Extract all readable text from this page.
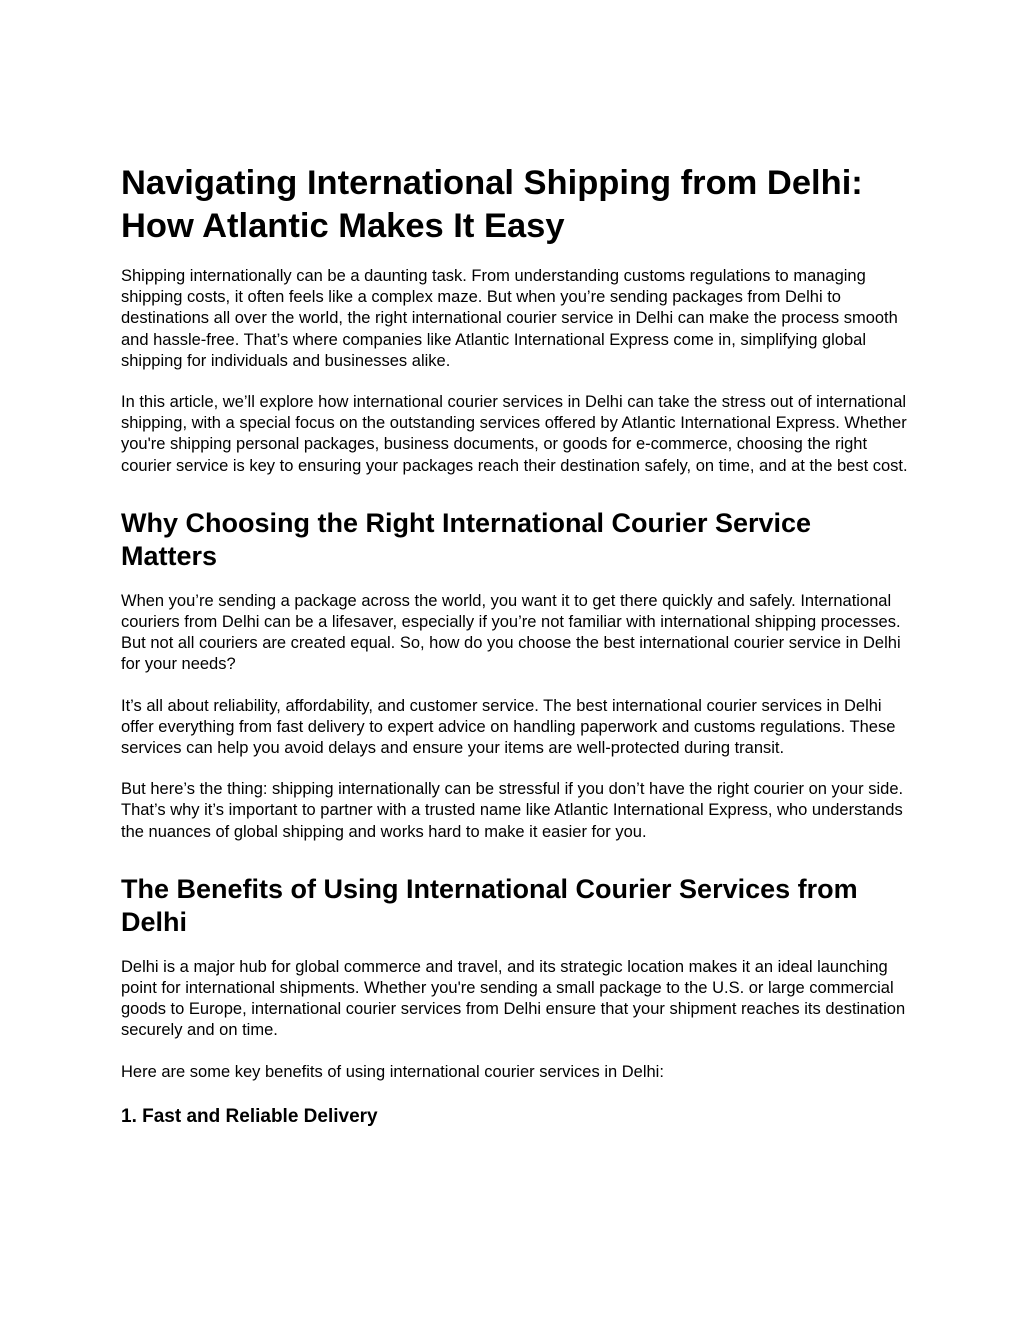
Navigating International Shipping from Delhi: How Atlantic Makes It Easy

Shipping internationally can be a daunting task. From understanding customs regulations to managing shipping costs, it often feels like a complex maze. But when you’re sending packages from Delhi to destinations all over the world, the right international courier service in Delhi can make the process smooth and hassle-free. That’s where companies like Atlantic International Express come in, simplifying global shipping for individuals and businesses alike.

In this article, we’ll explore how international courier services in Delhi can take the stress out of international shipping, with a special focus on the outstanding services offered by Atlantic International Express. Whether you're shipping personal packages, business documents, or goods for e-commerce, choosing the right courier service is key to ensuring your packages reach their destination safely, on time, and at the best cost.

Why Choosing the Right International Courier Service Matters

When you’re sending a package across the world, you want it to get there quickly and safely. International couriers from Delhi can be a lifesaver, especially if you’re not familiar with international shipping processes. But not all couriers are created equal. So, how do you choose the best international courier service in Delhi for your needs?

It’s all about reliability, affordability, and customer service. The best international courier services in Delhi offer everything from fast delivery to expert advice on handling paperwork and customs regulations. These services can help you avoid delays and ensure your items are well-protected during transit.

But here’s the thing: shipping internationally can be stressful if you don’t have the right courier on your side. That’s why it’s important to partner with a trusted name like Atlantic International Express, who understands the nuances of global shipping and works hard to make it easier for you.

The Benefits of Using International Courier Services from Delhi

Delhi is a major hub for global commerce and travel, and its strategic location makes it an ideal launching point for international shipments. Whether you're sending a small package to the U.S. or large commercial goods to Europe, international courier services from Delhi ensure that your shipment reaches its destination securely and on time.

Here are some key benefits of using international courier services in Delhi:

1. Fast and Reliable Delivery
